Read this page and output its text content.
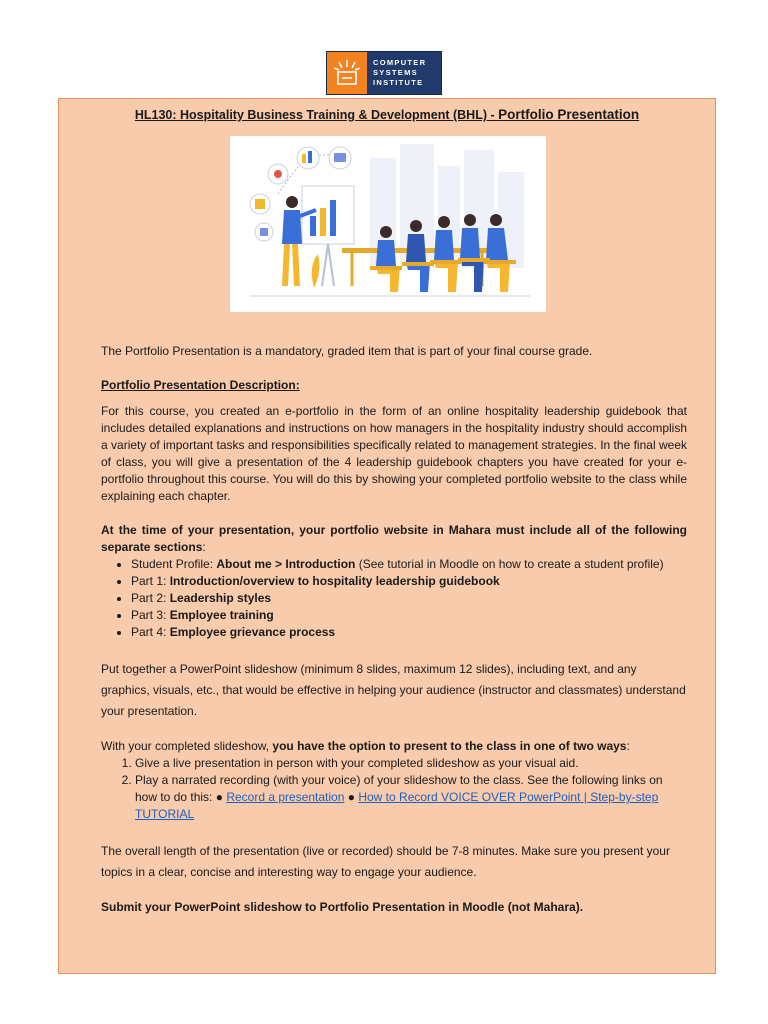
COMPUTER
SYSTEMS
INSTITUTE
HL130: Hospitality Business Training & Development (BHL) - Portfolio Presentation

The Portfolio Presentation is a mandatory, graded item that is part of your final course grade.

Portfolio Presentation Description:

For this course, you created an e-portfolio in the form of an online hospitality leadership guidebook that includes detailed explanations and instructions on how managers in the hospitality industry should accomplish a variety of important tasks and responsibilities specifically related to management strategies. In the final week of class, you will give a presentation of the 4 leadership guidebook chapters you have created for your e-portfolio throughout this course. You will do this by showing your completed portfolio website to the class while explaining each chapter.

At the time of your presentation, your portfolio website in Mahara must include all of the following separate sections:

• Student Profile: About me > Introduction (See tutorial in Moodle on how to create a student profile)
• Part 1: Introduction/overview to hospitality leadership guidebook
• Part 2: Leadership styles
• Part 3: Employee training
• Part 4: Employee grievance process

Put together a PowerPoint slideshow (minimum 8 slides, maximum 12 slides), including text, and any graphics, visuals, etc., that would be effective in helping your audience (instructor and classmates) understand your presentation.

With your completed slideshow, you have the option to present to the class in one of two ways:

1. Give a live presentation in person with your completed slideshow as your visual aid.
2. Play a narrated recording (with your voice) of your slideshow to the class. See the following links on how to do this: ● Record a presentation ● How to Record VOICE OVER PowerPoint | Step-by-step TUTORIAL

The overall length of the presentation (live or recorded) should be 7-8 minutes. Make sure you present your topics in a clear, concise and interesting way to engage your audience.

Submit your PowerPoint slideshow to Portfolio Presentation in Moodle (not Mahara).
